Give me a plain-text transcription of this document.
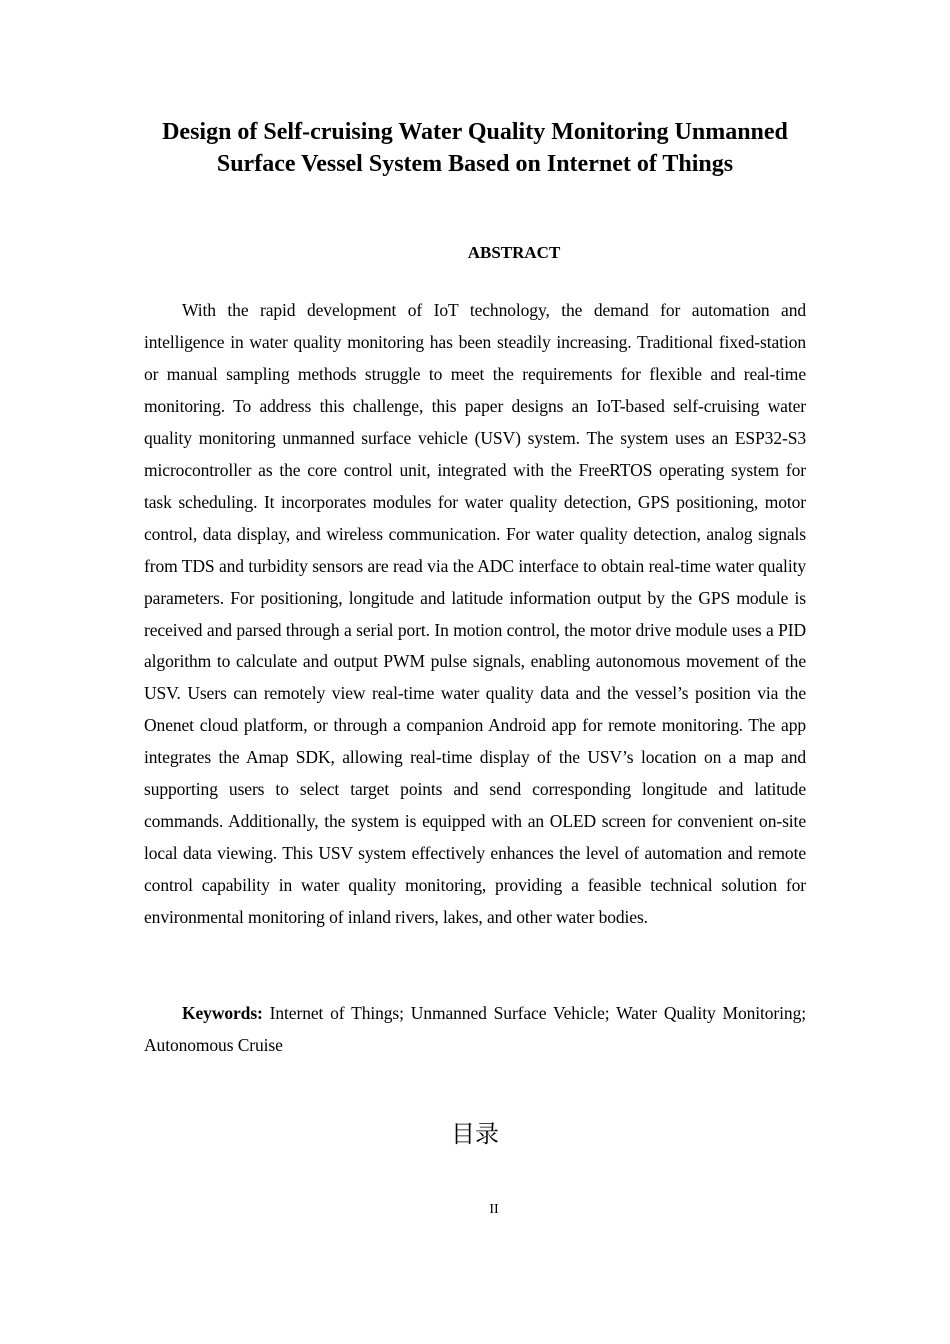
Design of Self-cruising Water Quality Monitoring Unmanned Surface Vessel System Based on Internet of Things
ABSTRACT

With the rapid development of IoT technology, the demand for automation and intelligence in water quality monitoring has been steadily increasing. Traditional fixed-station or manual sampling methods struggle to meet the requirements for flexible and real-time monitoring. To address this challenge, this paper designs an IoT-based self-cruising water quality monitoring unmanned surface vehicle (USV) system. The system uses an ESP32-S3 microcontroller as the core control unit, integrated with the FreeRTOS operating system for task scheduling. It incorporates modules for water quality detection, GPS positioning, motor control, data display, and wireless communication. For water quality detection, analog signals from TDS and turbidity sensors are read via the ADC interface to obtain real-time water quality parameters. For positioning, longitude and latitude information output by the GPS module is received and parsed through a serial port. In motion control, the motor drive module uses a PID algorithm to calculate and output PWM pulse signals, enabling autonomous movement of the USV. Users can remotely view real-time water quality data and the vessel’s position via the Onenet cloud platform, or through a companion Android app for remote monitoring. The app integrates the Amap SDK, allowing real-time display of the USV’s location on a map and supporting users to select target points and send corresponding longitude and latitude commands. Additionally, the system is equipped with an OLED screen for convenient on-site local data viewing. This USV system effectively enhances the level of automation and remote control capability in water quality monitoring, providing a feasible technical solution for environmental monitoring of inland rivers, lakes, and other water bodies.

Keywords: Internet of Things; Unmanned Surface Vehicle; Water Quality Monitoring; Autonomous Cruise

目录
II
